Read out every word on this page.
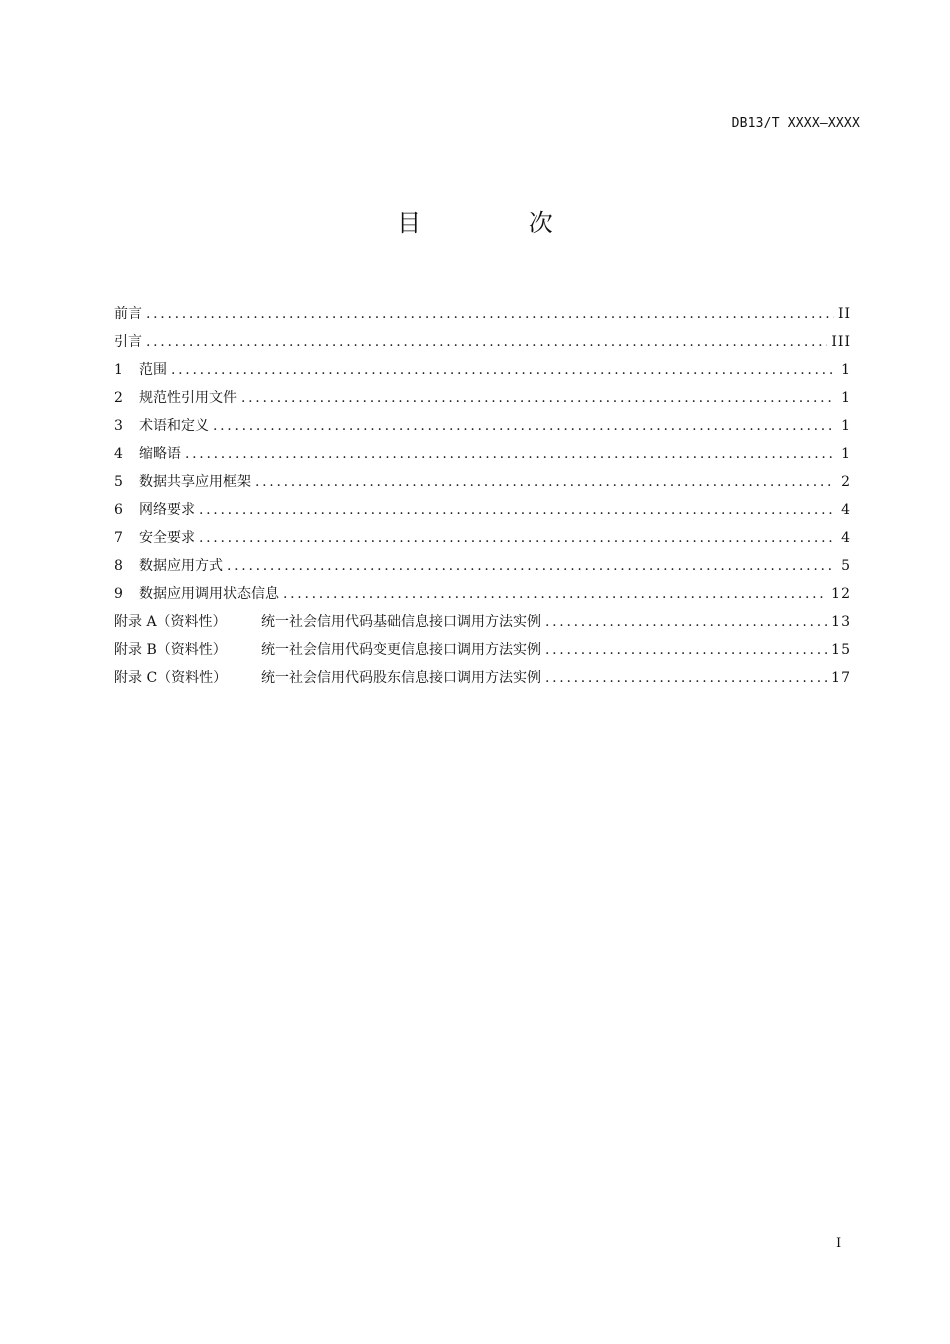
DB13/T XXXX—XXXX
目 次
前言 .....	II
引言 .....	III
1	范围 .....	1
2	规范性引用文件 .....	1
3	术语和定义 .....	1
4	缩略语 .....	1
5	数据共享应用框架 .....	2
6	网络要求 .....	4
7	安全要求 .....	4
8	数据应用方式 .....	5
9	数据应用调用状态信息 .....	12
附录 A（资料性）	统一社会信用代码基础信息接口调用方法实例 .....	13
附录 B（资料性）	统一社会信用代码变更信息接口调用方法实例 .....	15
附录 C（资料性）	统一社会信用代码股东信息接口调用方法实例 .....	17
I
